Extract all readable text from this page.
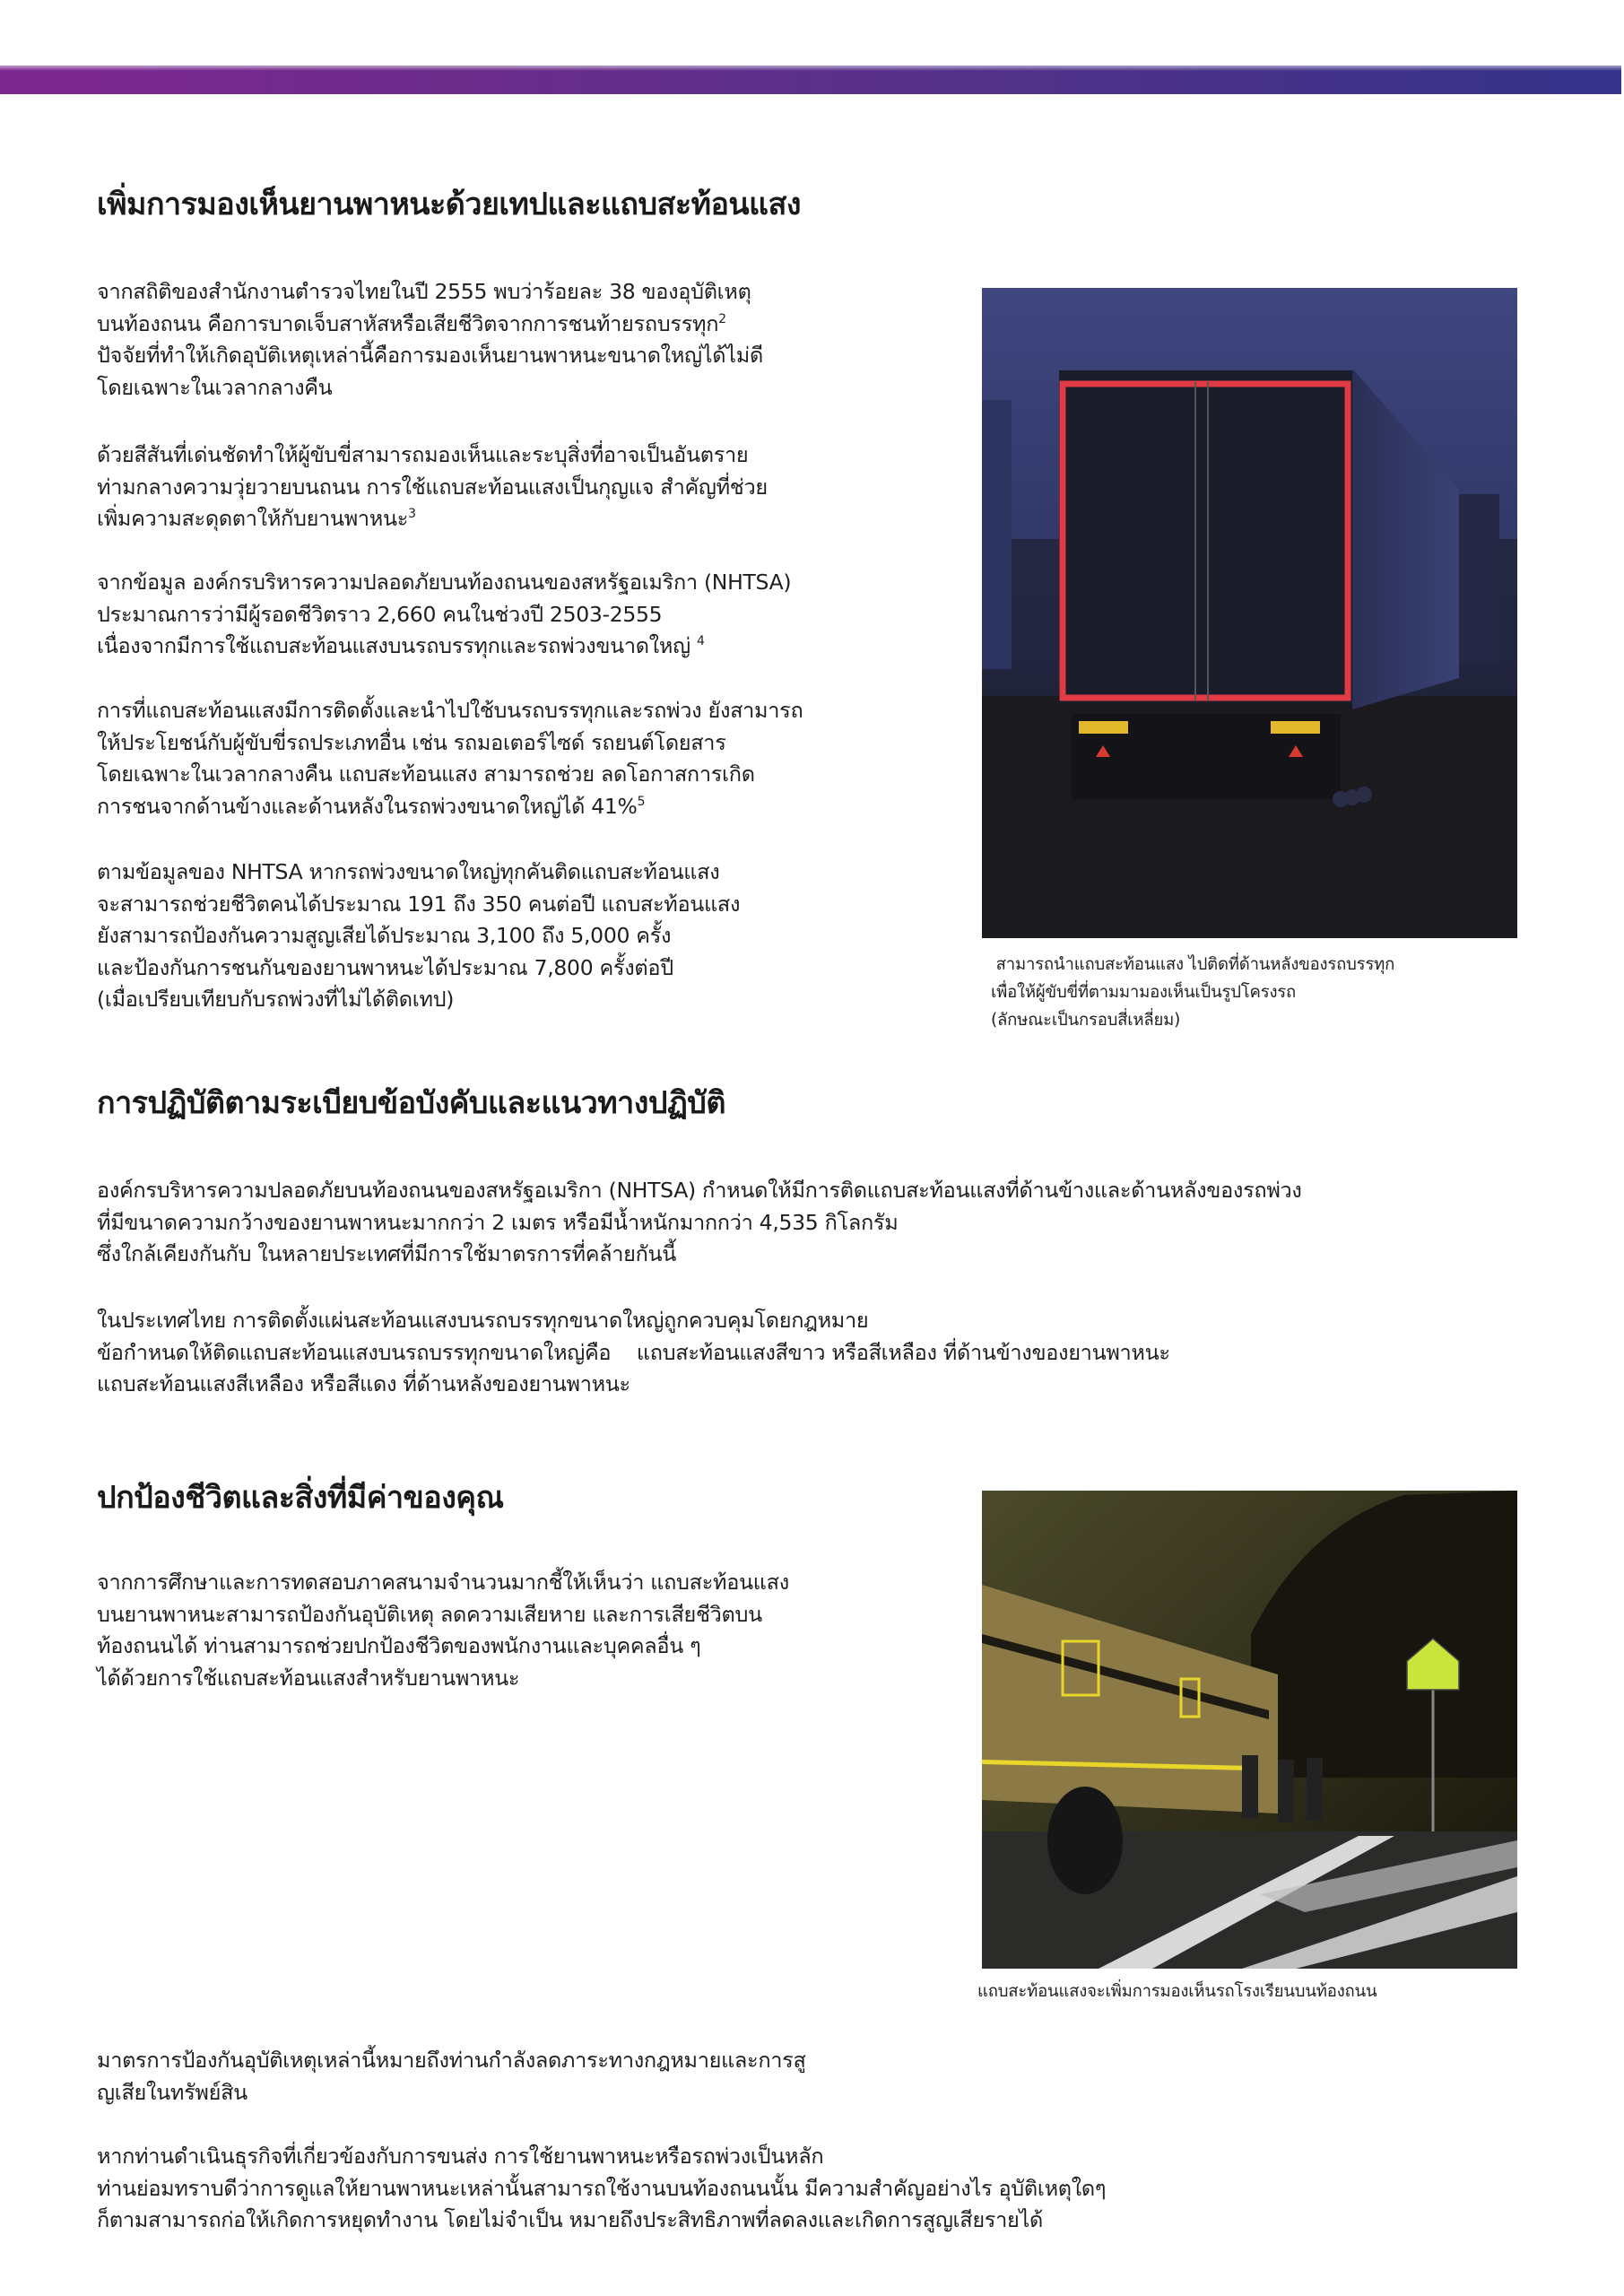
เพิ่มการมองเห็นยานพาหนะด้วยเทปและแถบสะท้อนแสง
จากสถิติของสำนักงานตำรวจไทยในปี 2555 พบว่าร้อยละ 38 ของอุบัติเหตุ
บนท้องถนน คือการบาดเจ็บสาหัสหรือเสียชีวิตจากการชนท้ายรถบรรทุก$^2$
ปัจจัยที่ทำให้เกิดอุบัติเหตุเหล่านี้คือการมองเห็นยานพาหนะขนาดใหญ่ได้ไม่ดี
โดยเฉพาะในเวลากลางคืน
ด้วยสีสันที่เด่นชัดทำให้ผู้ขับขี่สามารถมองเห็นและระบุสิ่งที่อาจเป็นอันตราย
ท่ามกลางความวุ่ยวายบนถนน การใช้แถบสะท้อนแสงเป็นกุญแจ สำคัญที่ช่วย
เพิ่มความสะดุดตาให้กับยานพาหนะ$^3$
จากข้อมูล องค์กรบริหารความปลอดภัยบนท้องถนนของสหรัฐอเมริกา (NHTSA)
ประมาณการว่ามีผู้รอดชีวิตราว 2,660 คนในช่วงปี 2503-2555
เนื่องจากมีการใช้แถบสะท้อนแสงบนรถบรรทุกและรถพ่วงขนาดใหญ่ $^4$
การที่แถบสะท้อนแสงมีการติดตั้งและนำไปใช้บนรถบรรทุกและรถพ่วง ยังสามารถ
ให้ประโยชน์กับผู้ขับขี่รถประเภทอื่น เช่น รถมอเตอร์ไซด์ รถยนต์โดยสาร
โดยเฉพาะในเวลากลางคืน แถบสะท้อนแสง สามารถช่วย ลดโอกาสการเกิด
การชนจากด้านข้างและด้านหลังในรถพ่วงขนาดใหญ่ได้ 41%$^5$
ตามข้อมูลของ NHTSA หากรถพ่วงขนาดใหญ่ทุกคันติดแถบสะท้อนแสง
จะสามารถช่วยชีวิตคนได้ประมาณ 191 ถึง 350 คนต่อปี แถบสะท้อนแสง
ยังสามารถป้องกันความสูญเสียได้ประมาณ 3,100 ถึง 5,000 ครั้ง
และป้องกันการชนกันของยานพาหนะได้ประมาณ 7,800 ครั้งต่อปี
(เมื่อเปรียบเทียบกับรถพ่วงที่ไม่ได้ติดเทป)
สามารถนำแถบสะท้อนแสง ไปติดที่ด้านหลังของรถบรรทุก
เพื่อให้ผู้ขับขี่ที่ตามมามองเห็นเป็นรูปโครงรถ
(ลักษณะเป็นกรอบสี่เหลี่ยม)
การปฏิบัติตามระเบียบข้อบังคับและแนวทางปฏิบัติ
องค์กรบริหารความปลอดภัยบนท้องถนนของสหรัฐอเมริกา (NHTSA) กำหนดให้มีการติดแถบสะท้อนแสงที่ด้านข้างและด้านหลังของรถพ่วง
ที่มีขนาดความกว้างของยานพาหนะมากกว่า 2 เมตร หรือมีน้ำหนักมากกว่า 4,535 กิโลกรัม
ซึ่งใกล้เคียงกันกับ ในหลายประเทศที่มีการใช้มาตรการที่คล้ายกันนี้
ในประเทศไทย การติดตั้งแผ่นสะท้อนแสงบนรถบรรทุกขนาดใหญ่ถูกควบคุมโดยกฎหมาย
ข้อกำหนดให้ติดแถบสะท้อนแสงบนรถบรรทุกขนาดใหญ่คือ    แถบสะท้อนแสงสีขาว หรือสีเหลือง ที่ด้านข้างของยานพาหนะ
แถบสะท้อนแสงสีเหลือง หรือสีแดง ที่ด้านหลังของยานพาหนะ
ปกป้องชีวิตและสิ่งที่มีค่าของคุณ
จากการศึกษาและการทดสอบภาคสนามจำนวนมากชี้ให้เห็นว่า แถบสะท้อนแสง
บนยานพาหนะสามารถป้องกันอุบัติเหตุ ลดความเสียหาย และการเสียชีวิตบน
ท้องถนนได้ ท่านสามารถช่วยปกป้องชีวิตของพนักงานและบุคคลอื่น ๆ
ได้ด้วยการใช้แถบสะท้อนแสงสำหรับยานพาหนะ
แถบสะท้อนแสงจะเพิ่มการมองเห็นรถโรงเรียนบนท้องถนน
มาตรการป้องกันอุบัติเหตุเหล่านี้หมายถึงท่านกำลังลดภาระทางกฎหมายและการสู
ญเสียในทรัพย์สิน
หากท่านดำเนินธุรกิจที่เกี่ยวข้องกับการขนส่ง การใช้ยานพาหนะหรือรถพ่วงเป็นหลัก
ท่านย่อมทราบดีว่าการดูแลให้ยานพาหนะเหล่านั้นสามารถใช้งานบนท้องถนนนั้น มีความสำคัญอย่างไร อุบัติเหตุใดๆ
ก็ตามสามารถก่อให้เกิดการหยุดทำงาน โดยไม่จำเป็น หมายถึงประสิทธิภาพที่ลดลงและเกิดการสูญเสียรายได้
